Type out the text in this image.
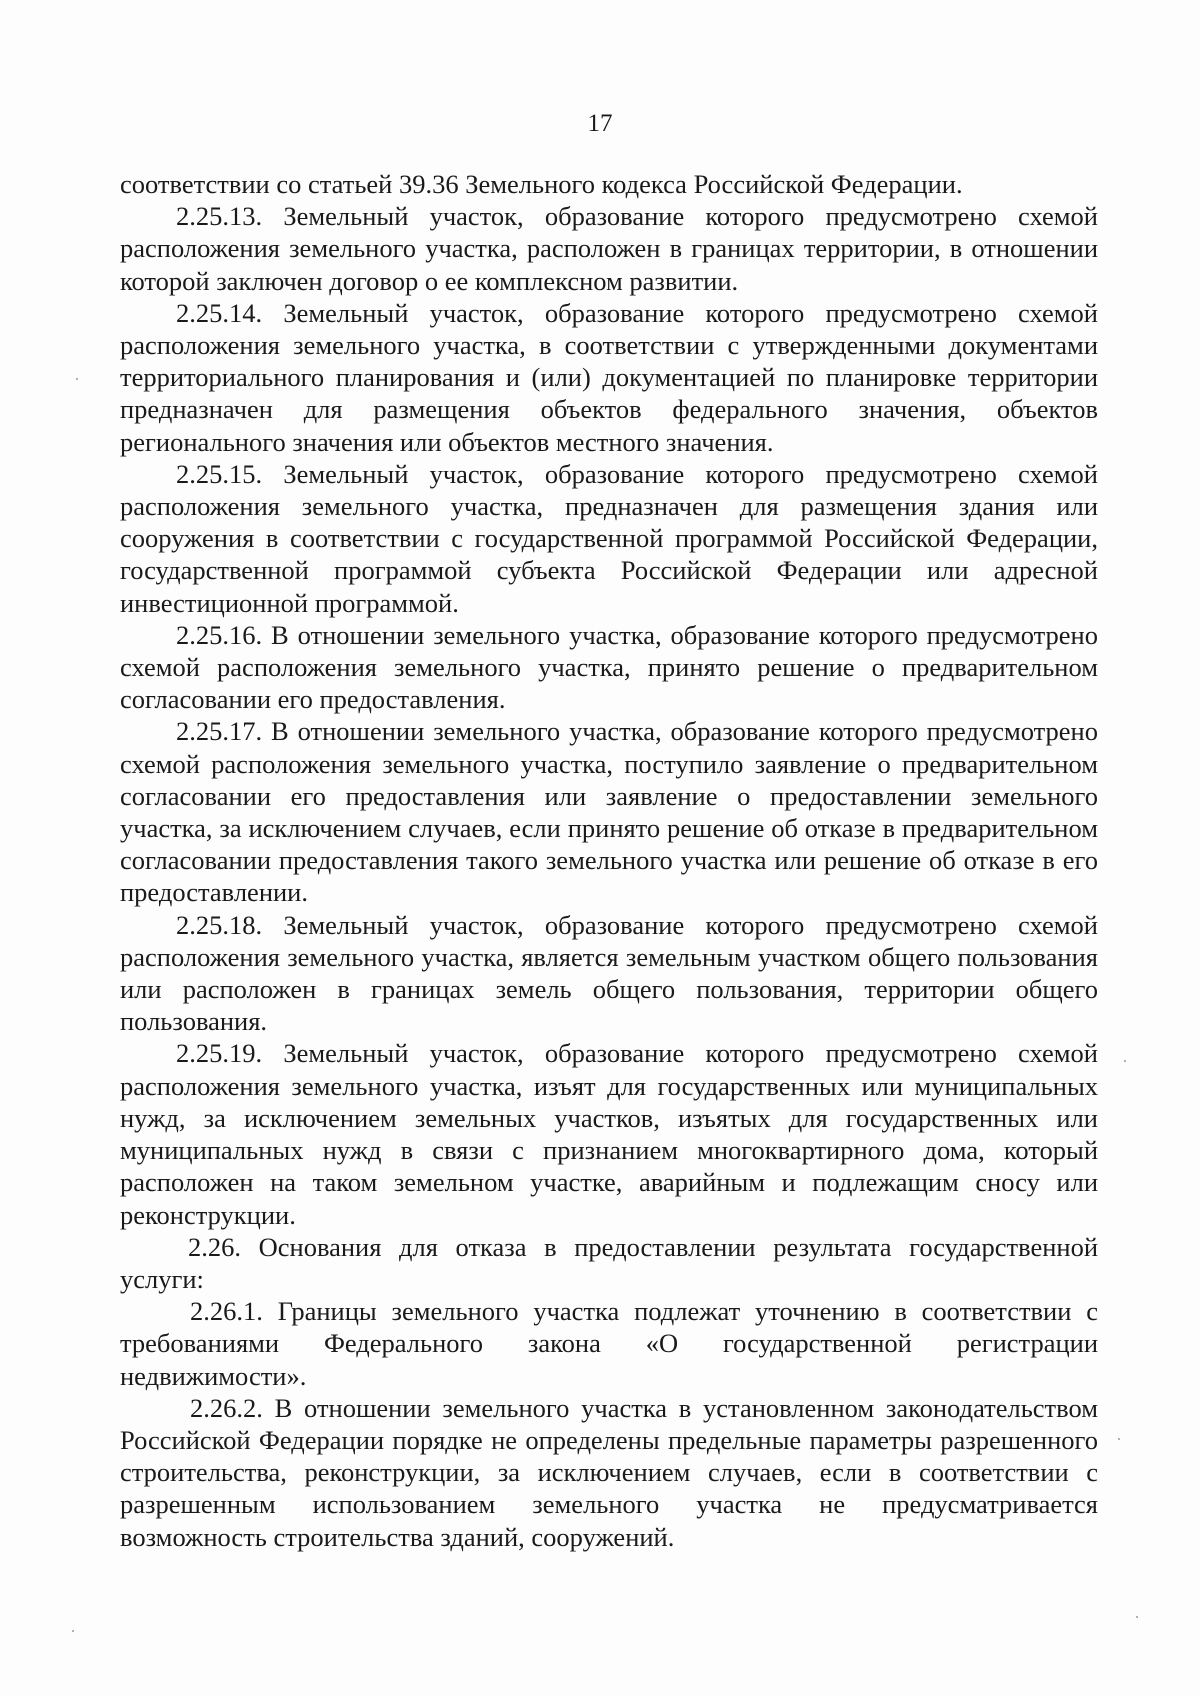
17

соответствии со статьей 39.36 Земельного кодекса Российской Федерации.

2.25.13. Земельный участок, образование которого предусмотрено схемой расположения земельного участка, расположен в границах территории, в отношении которой заключен договор о ее комплексном развитии.

2.25.14. Земельный участок, образование которого предусмотрено схемой расположения земельного участка, в соответствии с утвержденными документами территориального планирования и (или) документацией по планировке территории предназначен для размещения объектов федерального значения, объектов регионального значения или объектов местного значения.

2.25.15. Земельный участок, образование которого предусмотрено схемой расположения земельного участка, предназначен для размещения здания или сооружения в соответствии с государственной программой Российской Федерации, государственной программой субъекта Российской Федерации или адресной инвестиционной программой.

2.25.16. В отношении земельного участка, образование которого предусмотрено схемой расположения земельного участка, принято решение о предварительном согласовании его предоставления.

2.25.17. В отношении земельного участка, образование которого предусмотрено схемой расположения земельного участка, поступило заявление о предварительном согласовании его предоставления или заявление о предоставлении земельного участка, за исключением случаев, если принято решение об отказе в предварительном согласовании предоставления такого земельного участка или решение об отказе в его предоставлении.

2.25.18. Земельный участок, образование которого предусмотрено схемой расположения земельного участка, является земельным участком общего пользования или расположен в границах земель общего пользования, территории общего пользования.

2.25.19. Земельный участок, образование которого предусмотрено схемой расположения земельного участка, изъят для государственных или муниципальных нужд, за исключением земельных участков, изъятых для государственных или муниципальных нужд в связи с признанием многоквартирного дома, который расположен на таком земельном участке, аварийным и подлежащим сносу или реконструкции.

2.26. Основания для отказа в предоставлении результата государственной услуги:

2.26.1. Границы земельного участка подлежат уточнению в соответствии с требованиями Федерального закона «О государственной регистрации недвижимости».

2.26.2. В отношении земельного участка в установленном законодательством Российской Федерации порядке не определены предельные параметры разрешенного строительства, реконструкции, за исключением случаев, если в соответствии с разрешенным использованием земельного участка не предусматривается возможность строительства зданий, сооружений.
